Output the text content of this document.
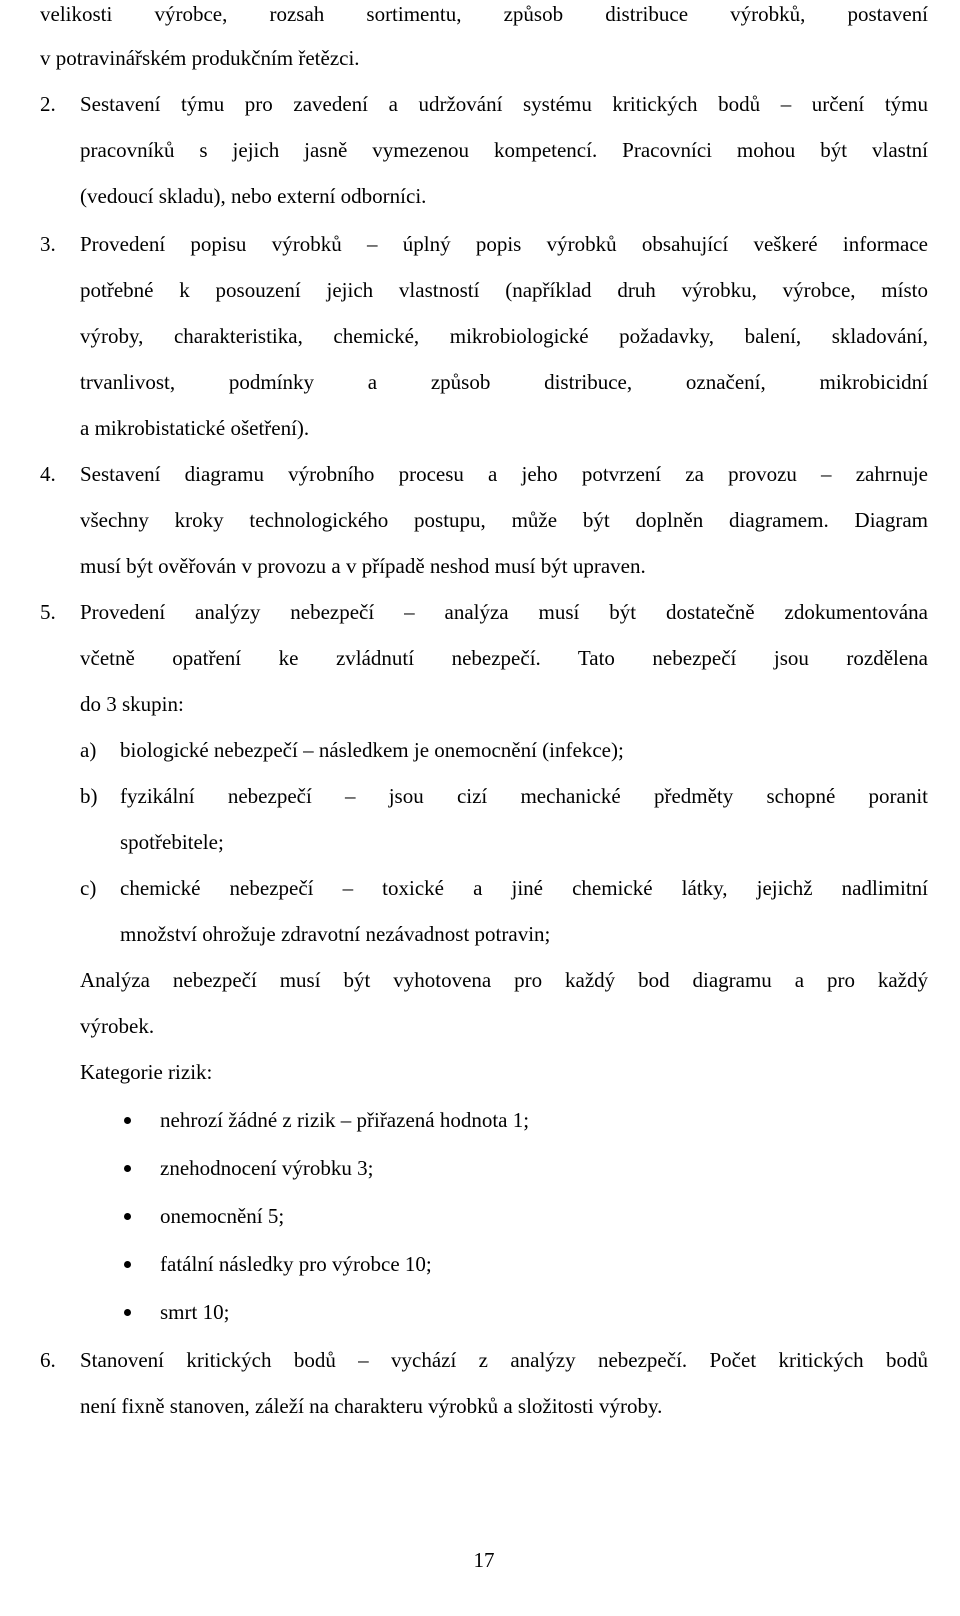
velikosti výrobce, rozsah sortimentu, způsob distribuce výrobků, postavení
v potravinářském produkčním řetězci.
2.	Sestavení týmu pro zavedení a udržování systému kritických bodů – určení týmu
pracovníků s jejich jasně vymezenou kompetencí. Pracovníci mohou být vlastní
(vedoucí skladu), nebo externí odborníci.
3.	Provedení popisu výrobků – úplný popis výrobků obsahující veškeré informace
potřebné k posouzení jejich vlastností (například druh výrobku, výrobce, místo
výroby, charakteristika, chemické, mikrobiologické požadavky, balení, skladování,
trvanlivost, podmínky a způsob distribuce, označení, mikrobicidní
a mikrobistatické ošetření).
4.	Sestavení diagramu výrobního procesu a jeho potvrzení za provozu – zahrnuje
všechny kroky technologického postupu, může být doplněn diagramem. Diagram
musí být ověřován v provozu a v případě neshod musí být upraven.
5.	Provedení analýzy nebezpečí – analýza musí být dostatečně zdokumentována
včetně opatření ke zvládnutí nebezpečí. Tato nebezpečí jsou rozdělena
do 3 skupin:
a)	biologické nebezpečí – následkem je onemocnění (infekce);
b)	fyzikální nebezpečí – jsou cizí mechanické předměty schopné poranit
spotřebitele;
c)	chemické nebezpečí – toxické a jiné chemické látky, jejichž nadlimitní
množství ohrožuje zdravotní nezávadnost potravin;
Analýza nebezpečí musí být vyhotovena pro každý bod diagramu a pro každý
výrobek.
Kategorie rizik:
nehrozí žádné z rizik – přiřazená hodnota 1;
znehodnocení výrobku 3;
onemocnění 5;
fatální následky pro výrobce 10;
smrt 10;
6.	Stanovení kritických bodů – vychází z analýzy nebezpečí. Počet kritických bodů
není fixně stanoven, záleží na charakteru výrobků a složitosti výroby.
17
